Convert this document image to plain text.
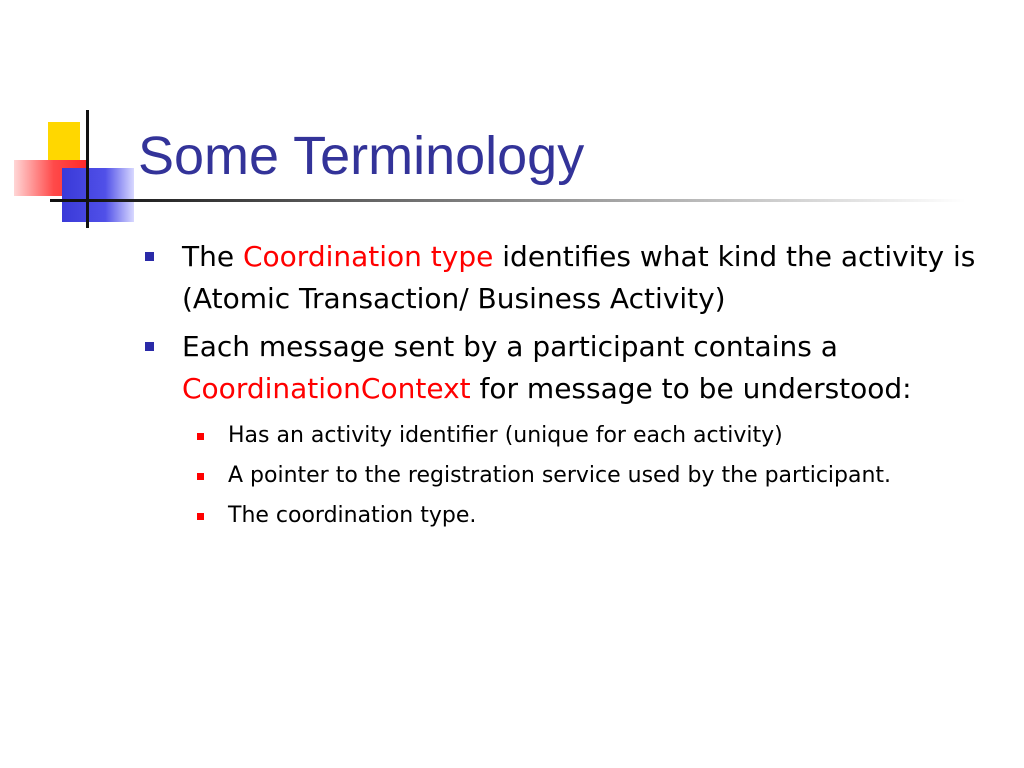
Some Terminology
The Coordination type identifies what kind the activity is (Atomic Transaction/ Business Activity)
Each message sent by a participant contains a CoordinationContext for message to be understood:
Has an activity identifier (unique for each activity)
A pointer to the registration service used by the participant.
The coordination type.
